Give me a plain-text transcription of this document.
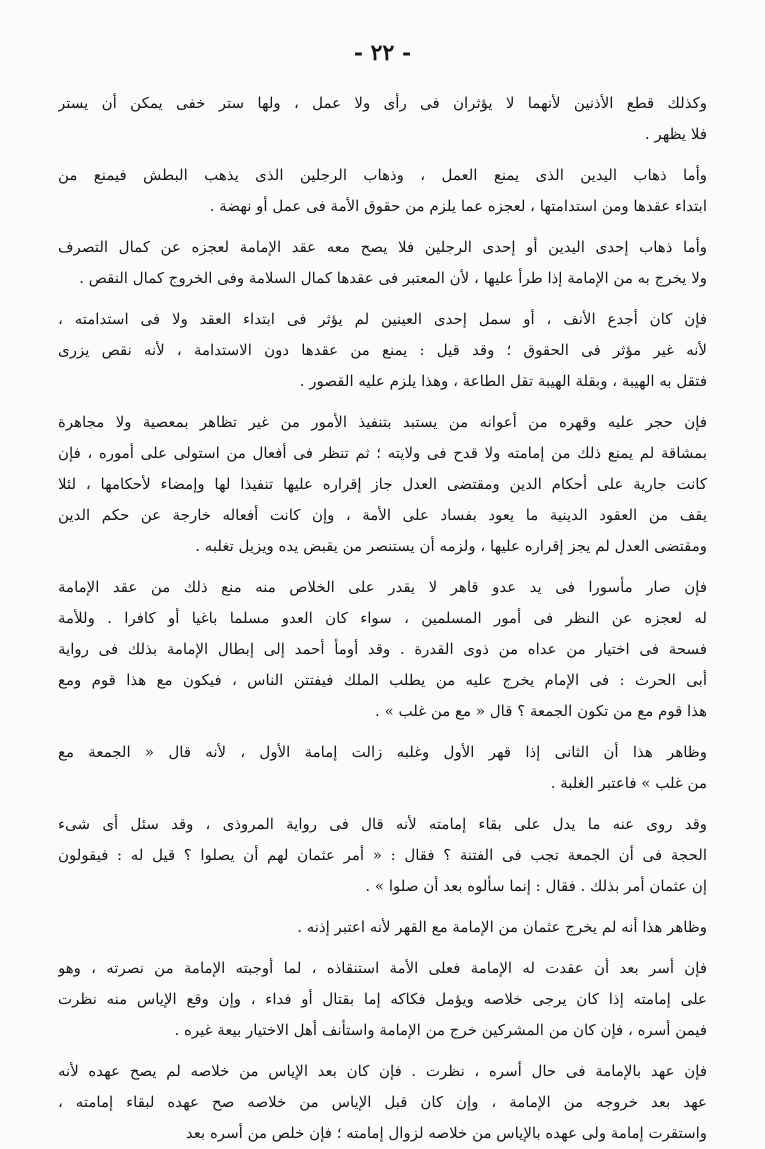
- ٢٢ -
وكذلك قطع الأذنين لأنهما لا يؤثران فى رأى ولا عمل ، ولها ستر خفى يمكن أن يستر
فلا يظهر .
وأما ذهاب اليدين الذى يمنع العمل ، وذهاب الرجلين الذى يذهب البطش فيمنع من
ابتداء عقدها ومن استدامتها ، لعجزه عما يلزم من حقوق الأمة فى عمل أو نهضة .
وأما ذهاب إحدى اليدين أو إحدى الرجلين فلا يصح معه عقد الإمامة لعجزه عن كمال التصرف
ولا يخرج به من الإمامة إذا طرأ عليها ، لأن المعتبر فى عقدها كمال السلامة وفى الخروج كمال النقص .
فإن كان أجدع الأنف ، أو سمل إحدى العينين لم يؤثر فى ابتداء العقد ولا فى استدامته ،
لأنه غير مؤثر فى الحقوق ؛ وقد قيل : يمنع من عقدها دون الاستدامة ، لأنه نقص يزرى
فتقل به الهيبة ، وبقلة الهيبة تقل الطاعة ، وهذا يلزم عليه القصور .
فإن حجر عليه وقهره من أعوانه من يستبد بتنفيذ الأمور من غير تظاهر بمعصية ولا مجاهرة
بمشاقة لم يمنع ذلك من إمامته ولا قدح فى ولايته ؛ ثم تنظر فى أفعال من استولى على أموره ، فإن
كانت جارية على أحكام الدين ومقتضى العدل جاز إقراره عليها تنفيذا لها وإمضاء لأحكامها ، لئلا
يقف من العقود الدينية ما يعود بفساد على الأمة ، وإن كانت أفعاله خارجة عن حكم الدين
ومقتضى العدل لم يجز إقراره عليها ، ولزمه أن يستنصر من يقبض يده ويزيل تغلبه .
فإن صار مأسورا فى يد عدو قاهر لا يقدر على الخلاص منه منع ذلك من عقد الإمامة
له لعجزه عن النظر فى أمور المسلمين ، سواء كان العدو مسلما باغيا أو كافرا . وللأمة
فسحة فى اختيار من عداه من ذوى القدرة . وقد أومأ أحمد إلى إبطال الإمامة بذلك فى رواية
أبى الحرث : فى الإمام يخرج عليه من يطلب الملك فيفتتن الناس ، فيكون مع هذا قوم ومع
هذا قوم مع من تكون الجمعة ؟ قال « مع من غلب » .
وظاهر هذا أن الثانى إذا قهر الأول وغلبه زالت إمامة الأول ، لأنه قال « الجمعة مع
من غلب » فاعتبر الغلبة .
وقد روى عنه ما يدل على بقاء إمامته لأنه قال فى رواية المروذى ، وقد سئل أى شىء
الحجة فى أن الجمعة تجب فى الفتنة ؟ فقال : « أمر عثمان لهم أن يصلوا ؟ قيل له : فيقولون
إن عثمان أمر بذلك . فقال : إنما سألوه بعد أن صلوا » .
وظاهر هذا أنه لم يخرج عثمان من الإمامة مع القهر لأنه اعتبر إذنه .
فإن أسر بعد أن عقدت له الإمامة فعلى الأمة استنقاذه ، لما أوجبته الإمامة من نصرته ، وهو
على إمامته إذا كان يرجى خلاصه ويؤمل فكاكه إما بقتال أو فداء ، وإن وقع الإياس منه نظرت
فيمن أسره ، فإن كان من المشركين خرج من الإمامة واستأنف أهل الاختيار بيعة غيره .
فإن عهد بالإمامة فى حال أسره ، نظرت . فإن كان بعد الإياس من خلاصه لم يصح عهده لأنه
عهد بعد خروجه من الإمامة ، وإن كان قبل الإياس من خلاصه صح عهده لبقاء إمامته ،
واستقرت إمامة ولى عهده بالإياس من خلاصه لزوال إمامته ؛ فإن خلص من أسره بعد
